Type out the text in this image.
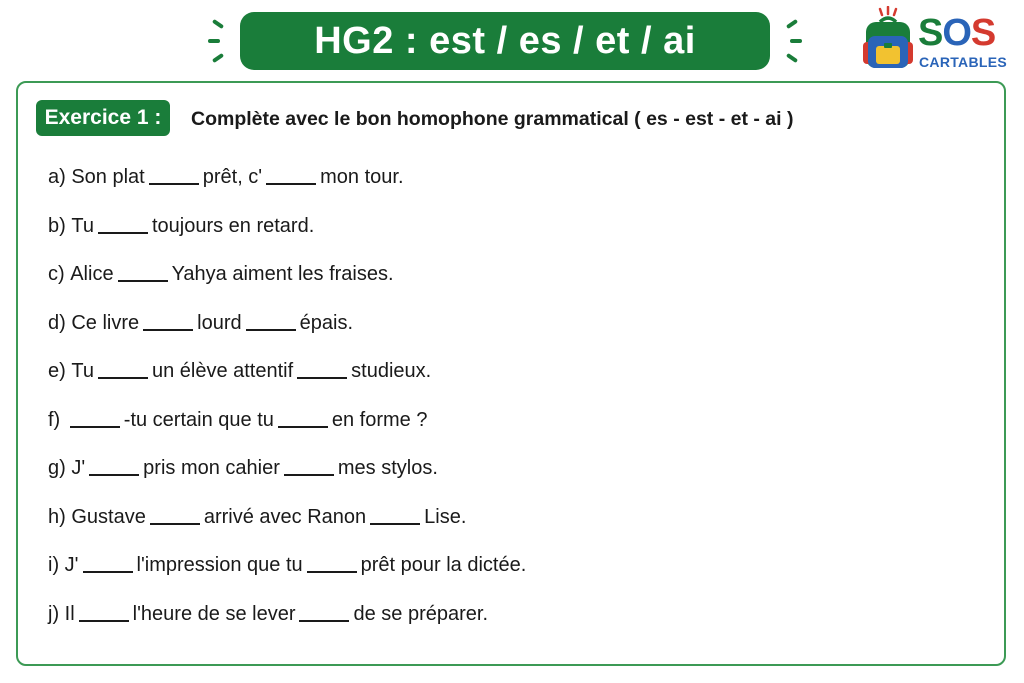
HG2 : est / es / et / ai	SOS
CARTABLES
Exercice 1 :	Complète avec le bon homophone grammatical ( es - est - et - ai )
a) Son plat	prêt, c'	mon tour.
b) Tu	toujours en retard.
c) Alice	Yahya aiment les fraises.
d) Ce livre	lourd	épais.
e) Tu	un élève attentif	studieux.
f)	-tu certain que tu	en forme ?
g) J'	pris mon cahier	mes stylos.
h) Gustave	arrivé avec Ranon	Lise.
i) J'	l'impression que tu	prêt pour la dictée.
j) Il	l'heure de se lever	de se préparer.
